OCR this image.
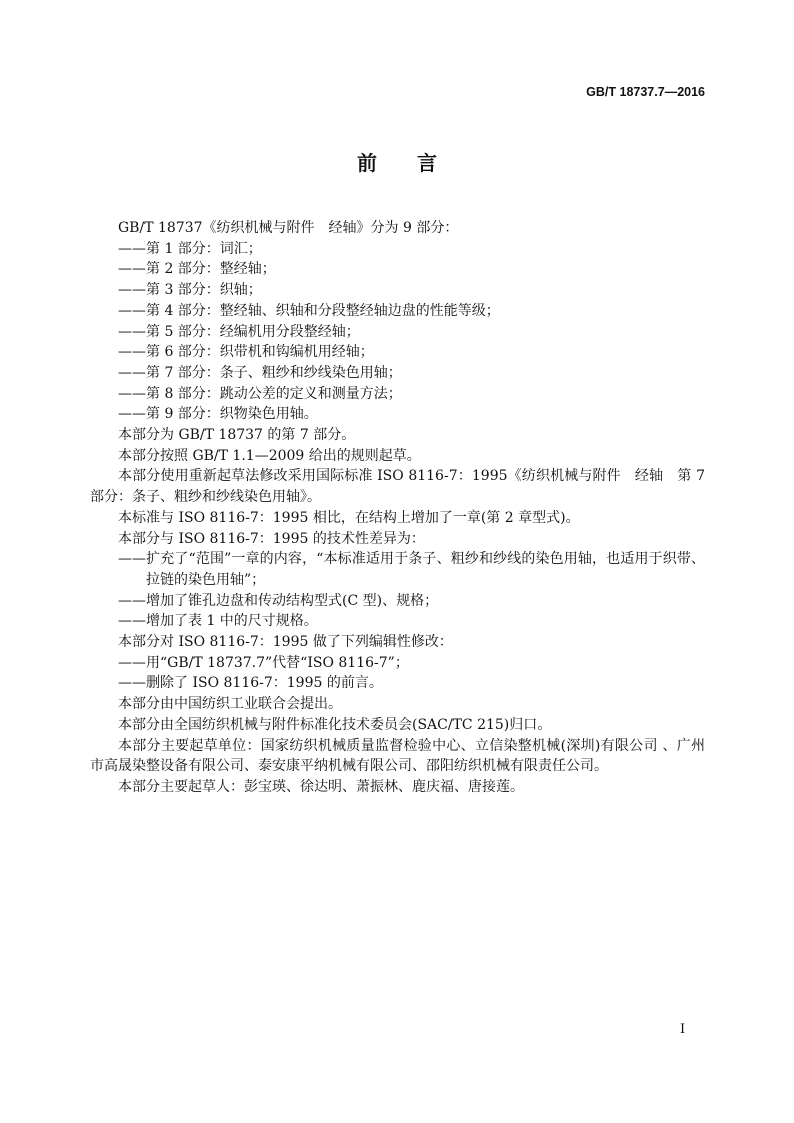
GB/T 18737.7—2016
前　　言

GB/T 18737《纺织机械与附件　经轴》分为 9 部分：

——第 1 部分：词汇；

——第 2 部分：整经轴；

——第 3 部分：织轴；

——第 4 部分：整经轴、织轴和分段整经轴边盘的性能等级；

——第 5 部分：经编机用分段整经轴；

——第 6 部分：织带机和钩编机用经轴；

——第 7 部分：条子、粗纱和纱线染色用轴；

——第 8 部分：跳动公差的定义和测量方法；

——第 9 部分：织物染色用轴。

本部分为 GB/T 18737 的第 7 部分。

本部分按照 GB/T 1.1—2009 给出的规则起草。

本部分使用重新起草法修改采用国际标准 ISO 8116-7：1995《纺织机械与附件　经轴　第 7 部分：条子、粗纱和纱线染色用轴》。

本标准与 ISO 8116-7：1995 相比，在结构上增加了一章(第 2 章型式)。

本部分与 ISO 8116-7：1995 的技术性差异为：

——扩充了“范围”一章的内容，“本标准适用于条子、粗纱和纱线的染色用轴，也适用于织带、拉链的染色用轴”；

——增加了锥孔边盘和传动结构型式(C 型)、规格；

——增加了表 1 中的尺寸规格。

本部分对 ISO 8116-7：1995 做了下列编辑性修改：

——用“GB/T 18737.7”代替“ISO 8116-7”；

——删除了 ISO 8116-7：1995 的前言。

本部分由中国纺织工业联合会提出。

本部分由全国纺织机械与附件标准化技术委员会(SAC/TC 215)归口。

本部分主要起草单位：国家纺织机械质量监督检验中心、立信染整机械(深圳)有限公司 、广州市高晟染整设备有限公司、泰安康平纳机械有限公司、邵阳纺织机械有限责任公司。

本部分主要起草人：彭宝瑛、徐达明、萧振林、鹿庆福、唐接莲。

I
